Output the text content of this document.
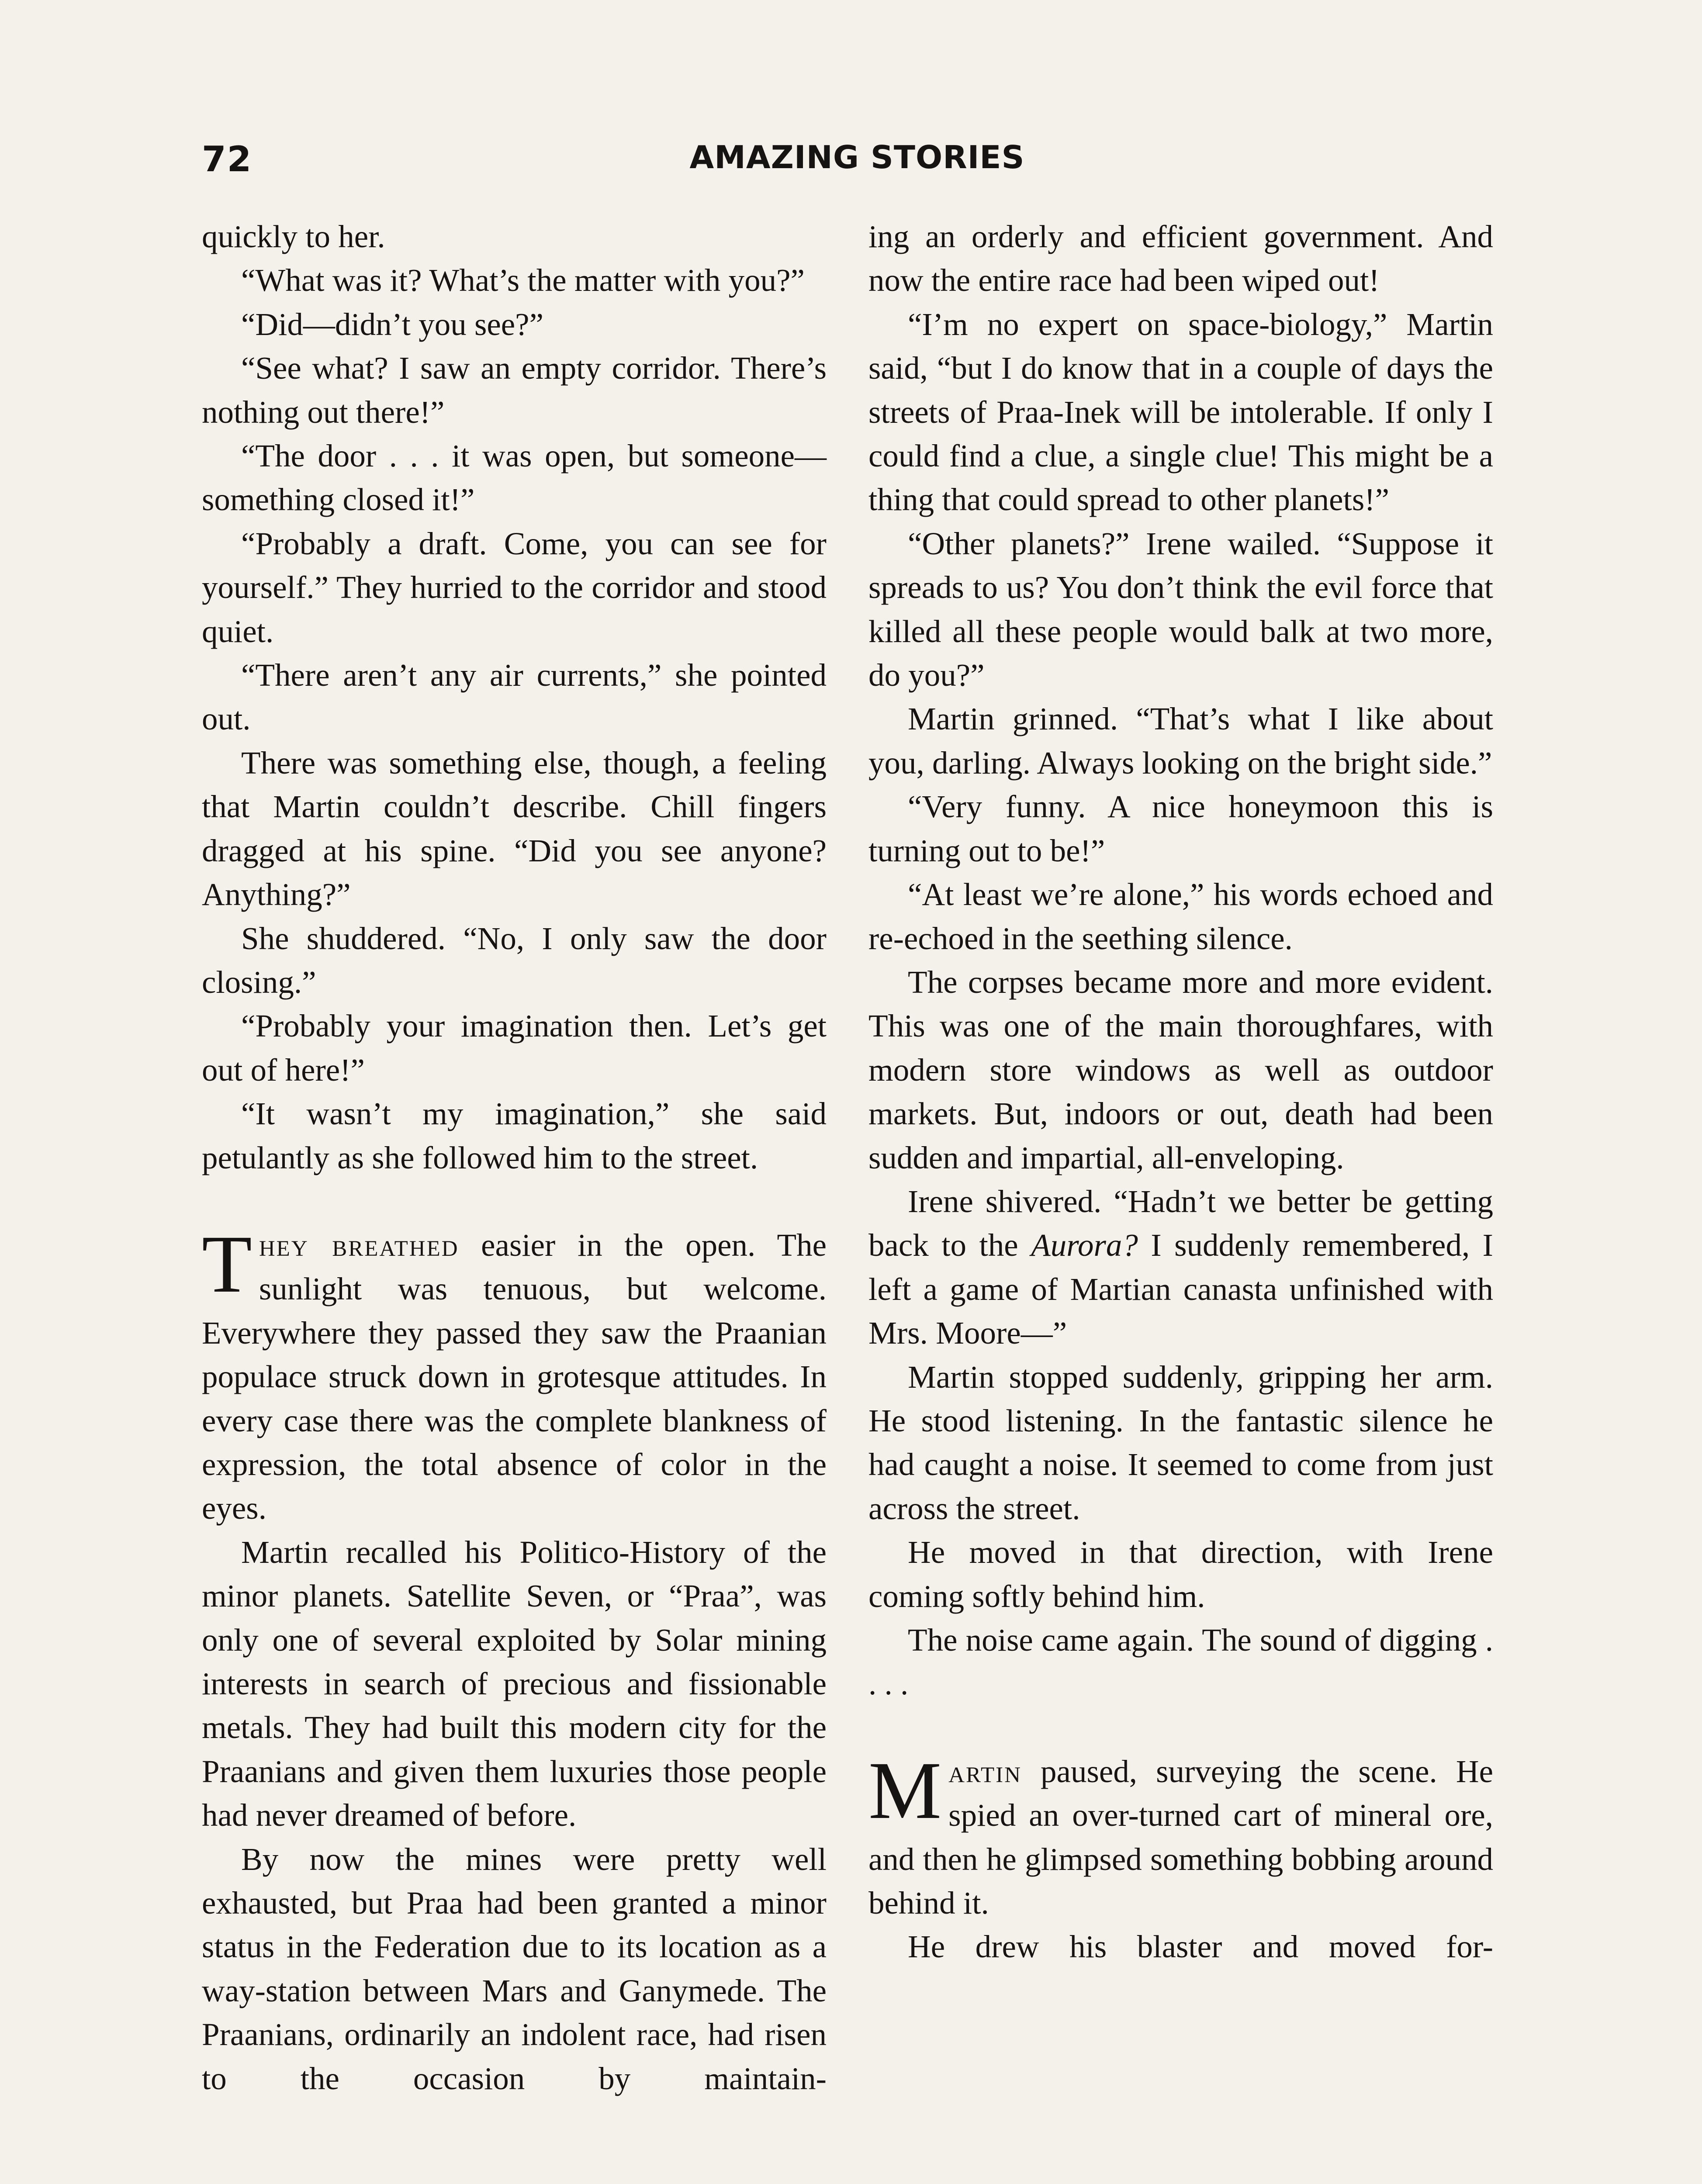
72	AMAZING STORIES

quickly to her.

“What was it? What’s the matter with you?”

“Did—didn’t you see?”

“See what? I saw an empty corridor. There’s nothing out there!”

“The door . . . it was open, but someone—something closed it!”

“Probably a draft. Come, you can see for yourself.” They hurried to the corridor and stood quiet.

“There aren’t any air currents,” she pointed out.

There was something else, though, a feeling that Martin couldn’t describe. Chill fingers dragged at his spine. “Did you see anyone? Anything?”

She shuddered. “No, I only saw the door closing.”

“Probably your imagination then. Let’s get out of here!”

“It wasn’t my imagination,” she said petulantly as she followed him to the street.

They breathed easier in the open. The sunlight was tenuous, but welcome. Everywhere they passed they saw the Praanian populace struck down in grotesque attitudes. In every case there was the complete blankness of expression, the total absence of color in the eyes.

Martin recalled his Politico-History of the minor planets. Satellite Seven, or “Praa”, was only one of several exploited by Solar mining interests in search of precious and fissionable metals. They had built this modern city for the Praanians and given them luxuries those people had never dreamed of before.

By now the mines were pretty well exhausted, but Praa had been granted a minor status in the Federation due to its location as a way-station between Mars and Ganymede. The Praanians, ordinarily an indolent race, had risen to the occasion by maintain-

ing an orderly and efficient government. And now the entire race had been wiped out!

“I’m no expert on space-biology,” Martin said, “but I do know that in a couple of days the streets of Praa-Inek will be intolerable. If only I could find a clue, a single clue! This might be a thing that could spread to other planets!”

“Other planets?” Irene wailed. “Suppose it spreads to us? You don’t think the evil force that killed all these people would balk at two more, do you?”

Martin grinned. “That’s what I like about you, darling. Always looking on the bright side.”

“Very funny. A nice honeymoon this is turning out to be!”

“At least we’re alone,” his words echoed and re-echoed in the seething silence.

The corpses became more and more evident. This was one of the main thoroughfares, with modern store windows as well as outdoor markets. But, indoors or out, death had been sudden and impartial, all-enveloping.

Irene shivered. “Hadn’t we better be getting back to the Aurora? I suddenly remembered, I left a game of Martian canasta unfinished with Mrs. Moore—”

Martin stopped suddenly, gripping her arm. He stood listening. In the fantastic silence he had caught a noise. It seemed to come from just across the street.

He moved in that direction, with Irene coming softly behind him.

The noise came again. The sound of digging . . . .

Martin paused, surveying the scene. He spied an over-turned cart of mineral ore, and then he glimpsed something bobbing around behind it.

He drew his blaster and moved for-
